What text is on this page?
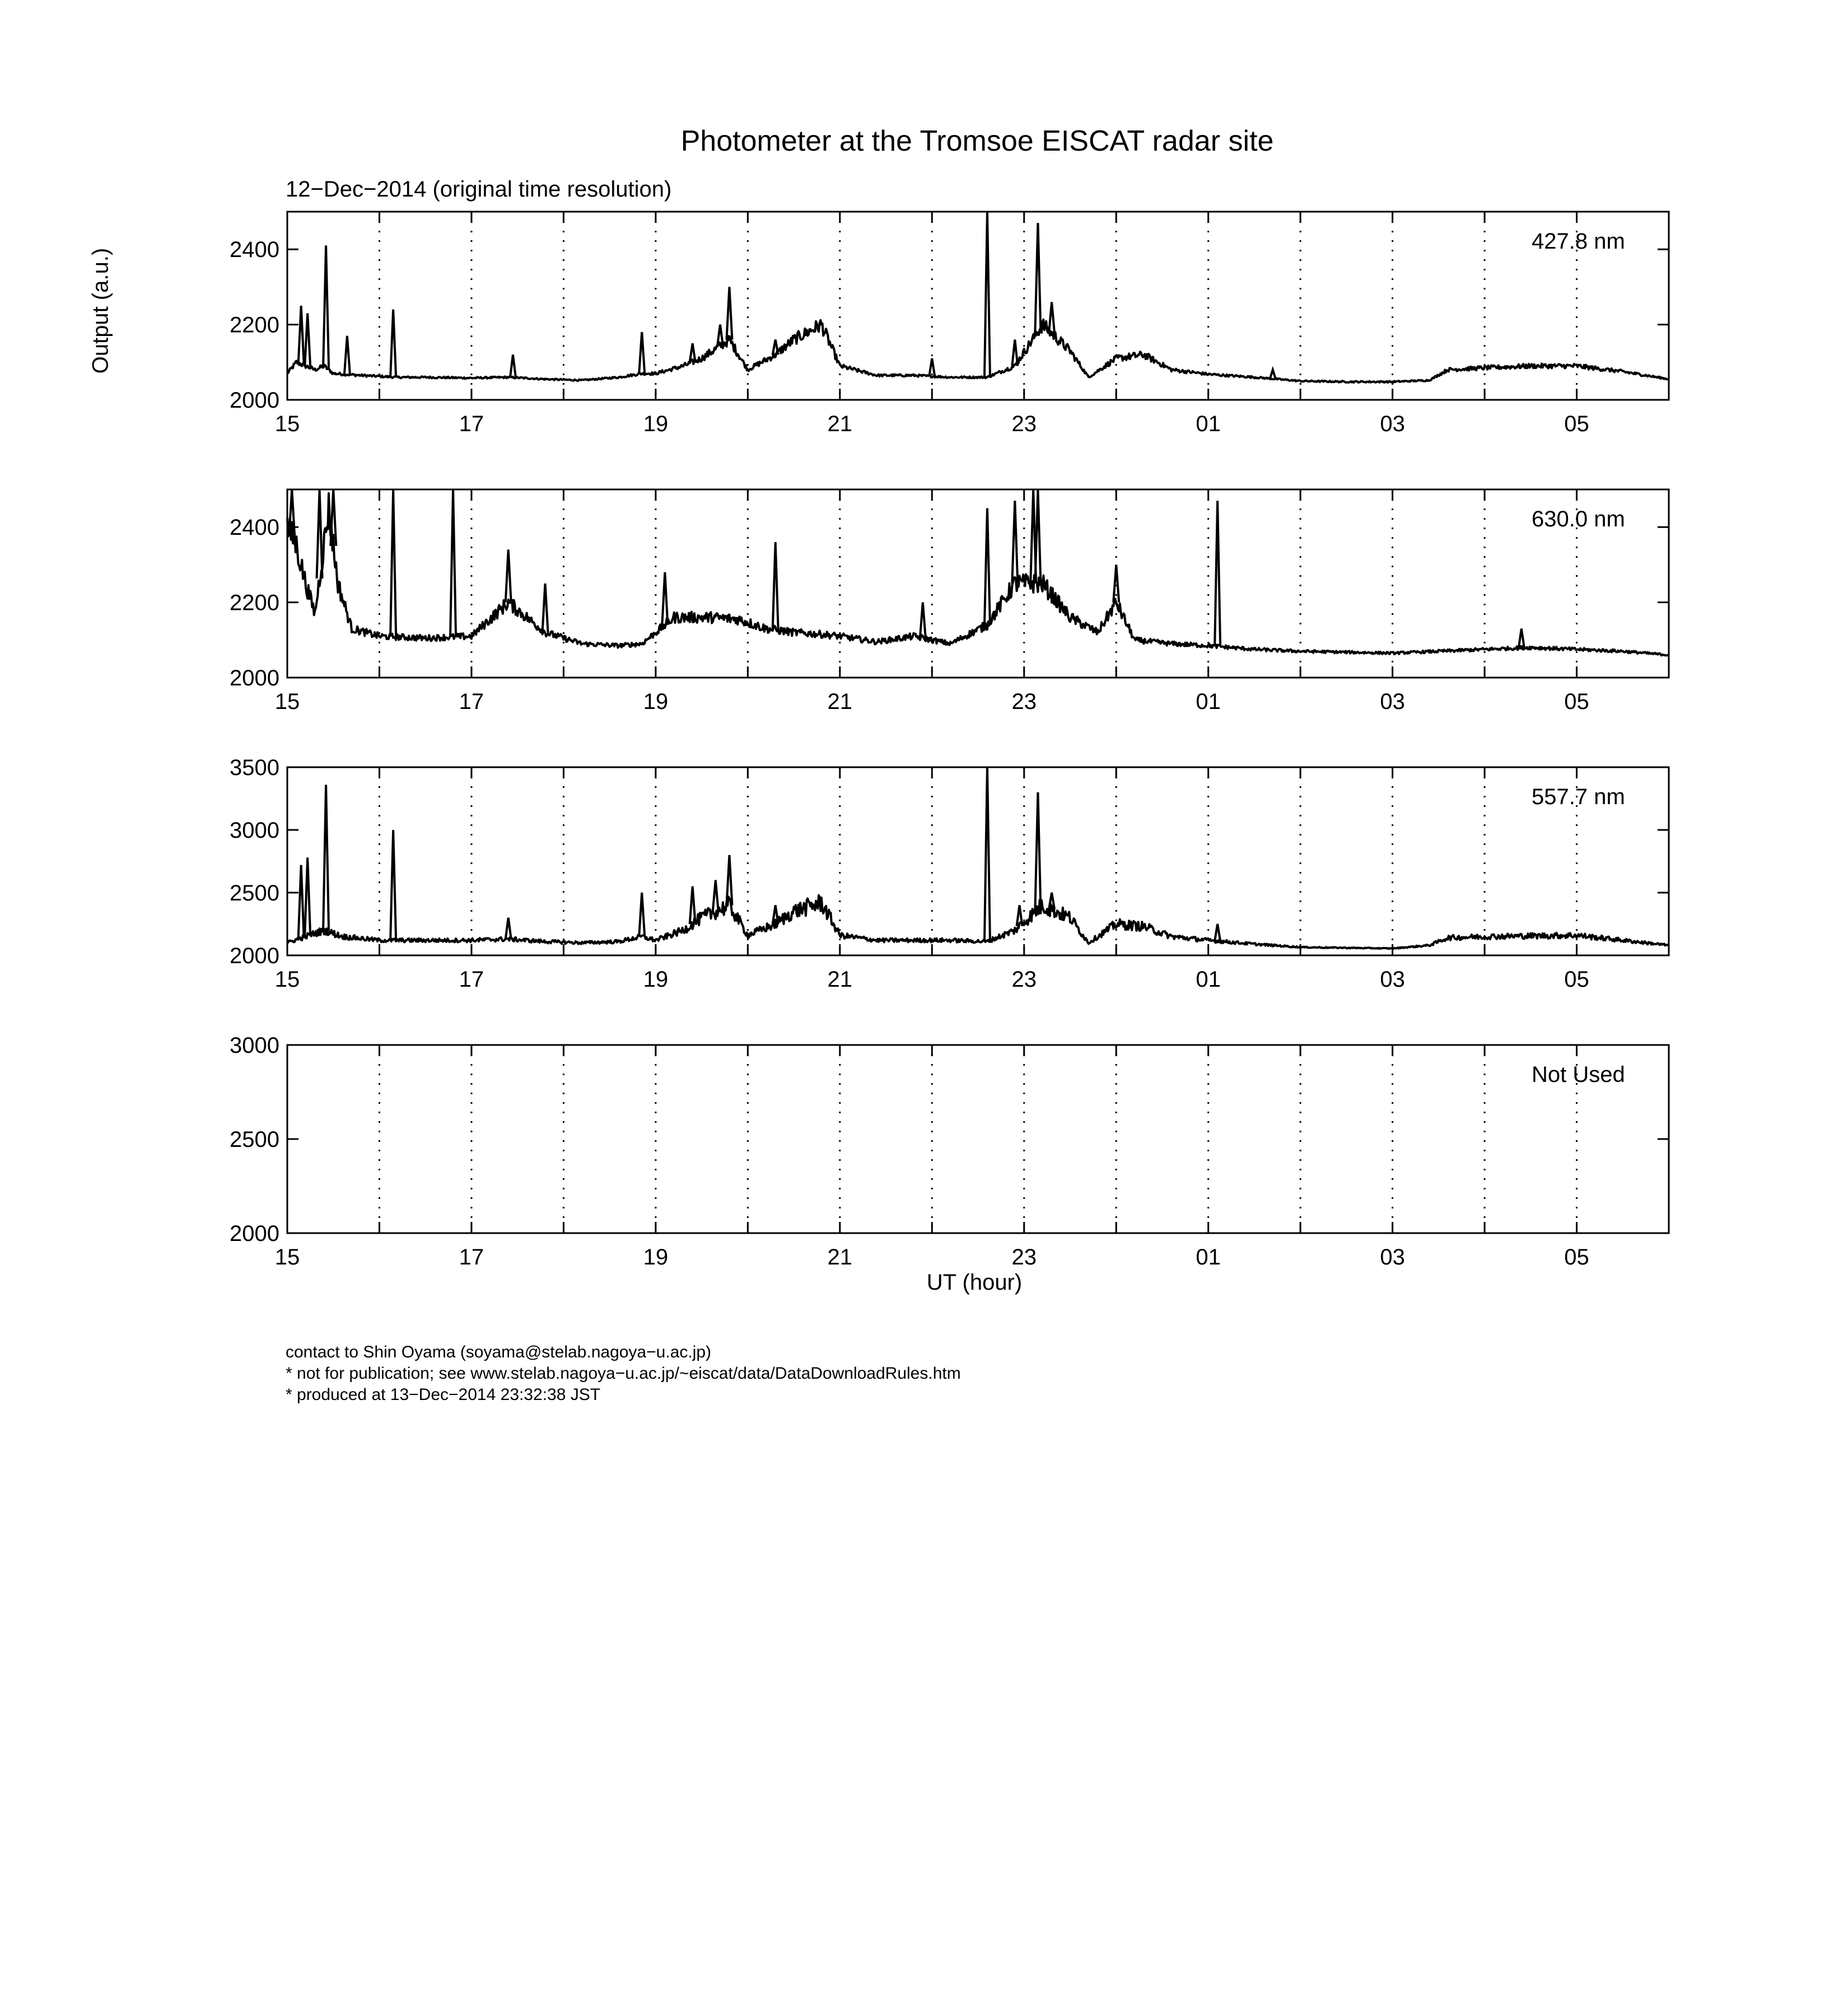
15	17	19	21	23	01	03	05
2000
2200
2400	427.8 nm
15	17	19	21	23	01	03	05
2000
2200
2400	630.0 nm
15	17	19	21	23	01	03	05
2000
2500
3000
3500
557.7 nm
15	17	19	21	23	01	03	05
2000
2500
3000
Not Used
Photometer at the Tromsoe EISCAT radar site
12−Dec−2014 (original time resolution)
Output (a.u.)
UT (hour)
contact to Shin Oyama (soyama@stelab.nagoya−u.ac.jp)
* not for publication; see www.stelab.nagoya−u.ac.jp/~eiscat/data/DataDownloadRules.htm
* produced at 13−Dec−2014 23:32:38 JST
